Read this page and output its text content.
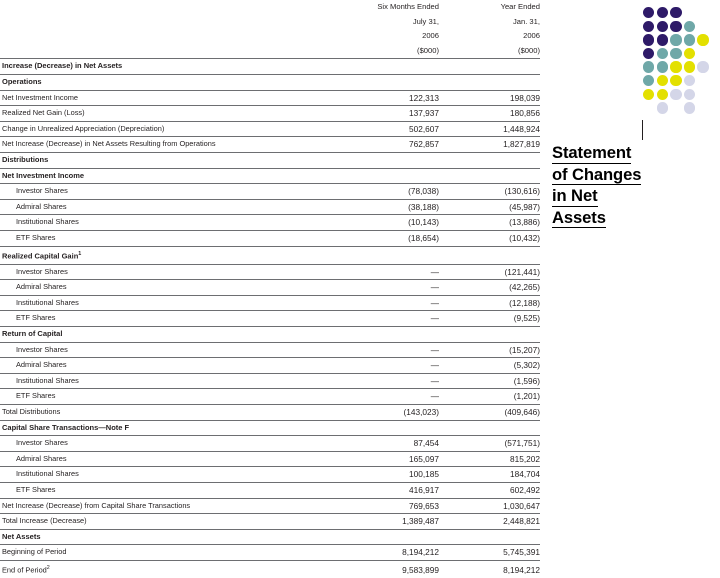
Six Months Ended
July 31,
2006
($000)

Year Ended
Jan. 31,
2006
($000)

Increase (Decrease) in Net Assets		
Operations		
Net Investment Income	122,313	198,039
Realized Net Gain (Loss)	137,937	180,856
Change in Unrealized Appreciation (Depreciation)	502,607	1,448,924
Net Increase (Decrease) in Net Assets Resulting from Operations	762,857	1,827,819
Distributions		
Net Investment Income		
Investor Shares	(78,038)	(130,616)
Admiral Shares	(38,188)	(45,987)
Institutional Shares	(10,143)	(13,886)
ETF Shares	(18,654)	(10,432)
Realized Capital Gain$^1$		
Investor Shares	—	(121,441)
Admiral Shares	—	(42,265)
Institutional Shares	—	(12,188)
ETF Shares	—	(9,525)
Return of Capital		
Investor Shares	—	(15,207)
Admiral Shares	—	(5,302)
Institutional Shares	—	(1,596)
ETF Shares	—	(1,201)
Total Distributions	(143,023)	(409,646)
Capital Share Transactions—Note F		
Investor Shares	87,454	(571,751)
Admiral Shares	165,097	815,202
Institutional Shares	100,185	184,704
ETF Shares	416,917	602,492
Net Increase (Decrease) from Capital Share Transactions	769,653	1,030,647
Total Increase (Decrease)	1,389,487	2,448,821
Net Assets		
Beginning of Period	8,194,212	5,745,391
End of Period$^2$	9,583,899	8,194,212
Statement
of Changes
in Net
Assets
